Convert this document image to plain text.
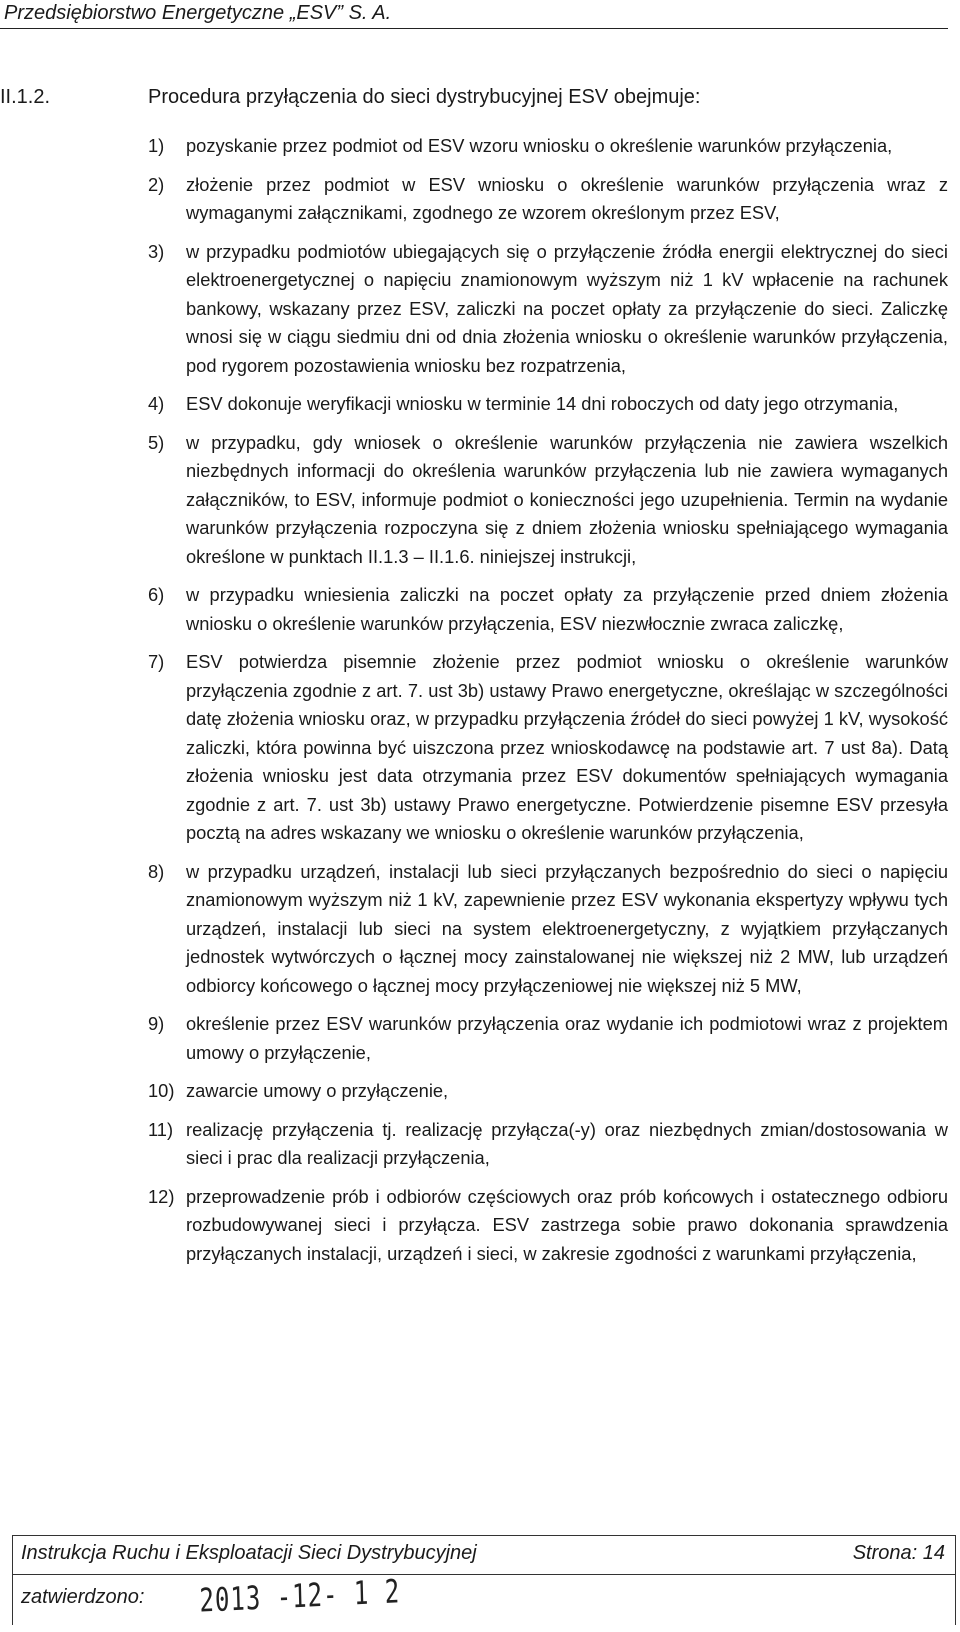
Przedsiębiorstwo Energetyczne „ESV” S. A.
II.1.2.	Procedura przyłączenia do sieci dystrybucyjnej ESV obejmuje:
1) pozyskanie przez podmiot od ESV wzoru wniosku o określenie warunków przyłączenia,
2) złożenie przez podmiot w ESV wniosku o określenie warunków przyłączenia wraz z wymaganymi załącznikami, zgodnego ze wzorem określonym przez ESV,
3) w przypadku podmiotów ubiegających się o przyłączenie źródła energii elektrycznej do sieci elektroenergetycznej o napięciu znamionowym wyższym niż 1 kV wpłacenie na rachunek bankowy, wskazany przez ESV, zaliczki na poczet opłaty za przyłączenie do sieci. Zaliczkę wnosi się w ciągu siedmiu dni od dnia złożenia wniosku o określenie warunków przyłączenia, pod rygorem pozostawienia wniosku bez rozpatrzenia,
4) ESV dokonuje weryfikacji wniosku w terminie 14 dni roboczych od daty jego otrzymania,
5) w przypadku, gdy wniosek o określenie warunków przyłączenia nie zawiera wszelkich niezbędnych informacji do określenia warunków przyłączenia lub nie zawiera wymaganych załączników, to ESV, informuje podmiot o konieczności jego uzupełnienia. Termin na wydanie warunków przyłączenia rozpoczyna się z dniem złożenia wniosku spełniającego wymagania określone w punktach II.1.3 – II.1.6. niniejszej instrukcji,
6) w przypadku wniesienia zaliczki na poczet opłaty za przyłączenie przed dniem złożenia wniosku o określenie warunków przyłączenia, ESV niezwłocznie zwraca zaliczkę,
7) ESV potwierdza pisemnie złożenie przez podmiot wniosku o określenie warunków przyłączenia zgodnie z art. 7. ust 3b) ustawy Prawo energetyczne, określając w szczególności datę złożenia wniosku oraz, w przypadku przyłączenia źródeł do sieci powyżej 1 kV, wysokość zaliczki, która powinna być uiszczona przez wnioskodawcę na podstawie art. 7 ust 8a). Datą złożenia wniosku jest data otrzymania przez ESV dokumentów spełniających wymagania zgodnie z art. 7. ust 3b) ustawy Prawo energetyczne. Potwierdzenie pisemne ESV przesyła pocztą na adres wskazany we wniosku o określenie warunków przyłączenia,
8) w przypadku urządzeń, instalacji lub sieci przyłączanych bezpośrednio do sieci o napięciu znamionowym wyższym niż 1 kV, zapewnienie przez ESV wykonania ekspertyzy wpływu tych urządzeń, instalacji lub sieci na system elektroenergetyczny, z wyjątkiem przyłączanych jednostek wytwórczych o łącznej mocy zainstalowanej nie większej niż 2 MW, lub urządzeń odbiorcy końcowego o łącznej mocy przyłączeniowej nie większej niż 5 MW,
9) określenie przez ESV warunków przyłączenia oraz wydanie ich podmiotowi wraz z projektem umowy o przyłączenie,
10) zawarcie umowy o przyłączenie,
11) realizację przyłączenia tj. realizację przyłącza(-y) oraz niezbędnych zmian/dostosowania w sieci i prac dla realizacji przyłączenia,
12) przeprowadzenie prób i odbiorów częściowych oraz prób końcowych i ostatecznego odbioru rozbudowywanej sieci i przyłącza. ESV zastrzega sobie prawo dokonania sprawdzenia przyłączanych instalacji, urządzeń i sieci, w zakresie zgodności z warunkami przyłączenia,
Instrukcja Ruchu i Eksploatacji Sieci Dystrybucyjnej	Strona: 14
zatwierdzono: 2013 -12- 1 2
